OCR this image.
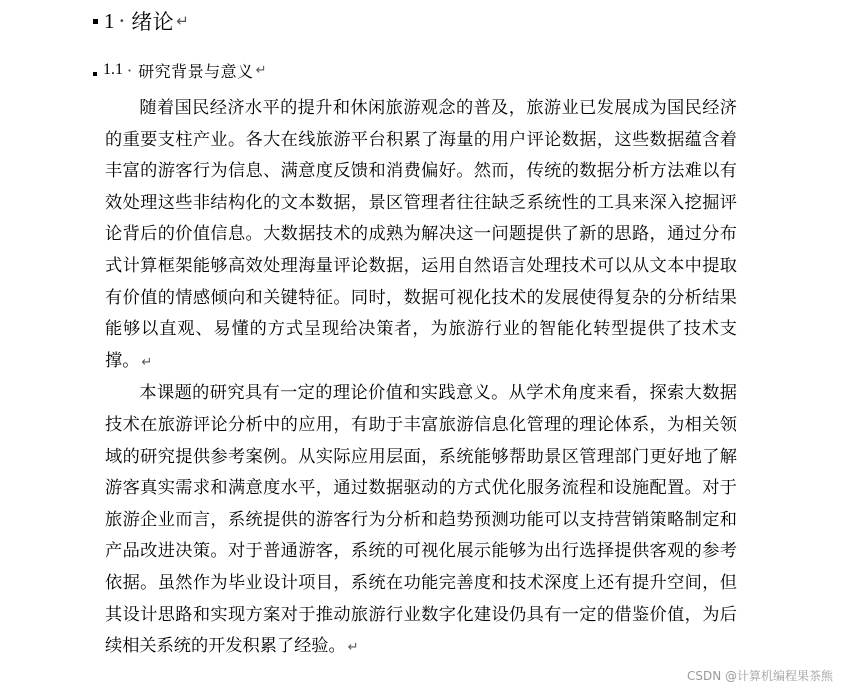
1 · 绪论 ↵
1.1 · 研究背景与意义 ↵

随着国民经济水平的提升和休闲旅游观念的普及，旅游业已发展成为国民经济的重要支柱产业。各大在线旅游平台积累了海量的用户评论数据，这些数据蕴含着丰富的游客行为信息、满意度反馈和消费偏好。然而，传统的数据分析方法难以有效处理这些非结构化的文本数据，景区管理者往往缺乏系统性的工具来深入挖掘评论背后的价值信息。大数据技术的成熟为解决这一问题提供了新的思路，通过分布式计算框架能够高效处理海量评论数据，运用自然语言处理技术可以从文本中提取有价值的情感倾向和关键特征。同时，数据可视化技术的发展使得复杂的分析结果能够以直观、易懂的方式呈现给决策者，为旅游行业的智能化转型提供了技术支撑。 ↵

本课题的研究具有一定的理论价值和实践意义。从学术角度来看，探索大数据技术在旅游评论分析中的应用，有助于丰富旅游信息化管理的理论体系，为相关领域的研究提供参考案例。从实际应用层面，系统能够帮助景区管理部门更好地了解游客真实需求和满意度水平，通过数据驱动的方式优化服务流程和设施配置。对于旅游企业而言，系统提供的游客行为分析和趋势预测功能可以支持营销策略制定和产品改进决策。对于普通游客，系统的可视化展示能够为出行选择提供客观的参考依据。虽然作为毕业设计项目，系统在功能完善度和技术深度上还有提升空间，但其设计思路和实现方案对于推动旅游行业数字化建设仍具有一定的借鉴价值，为后续相关系统的开发积累了经验。 ↵

CSDN @计算机编程果茶熊
